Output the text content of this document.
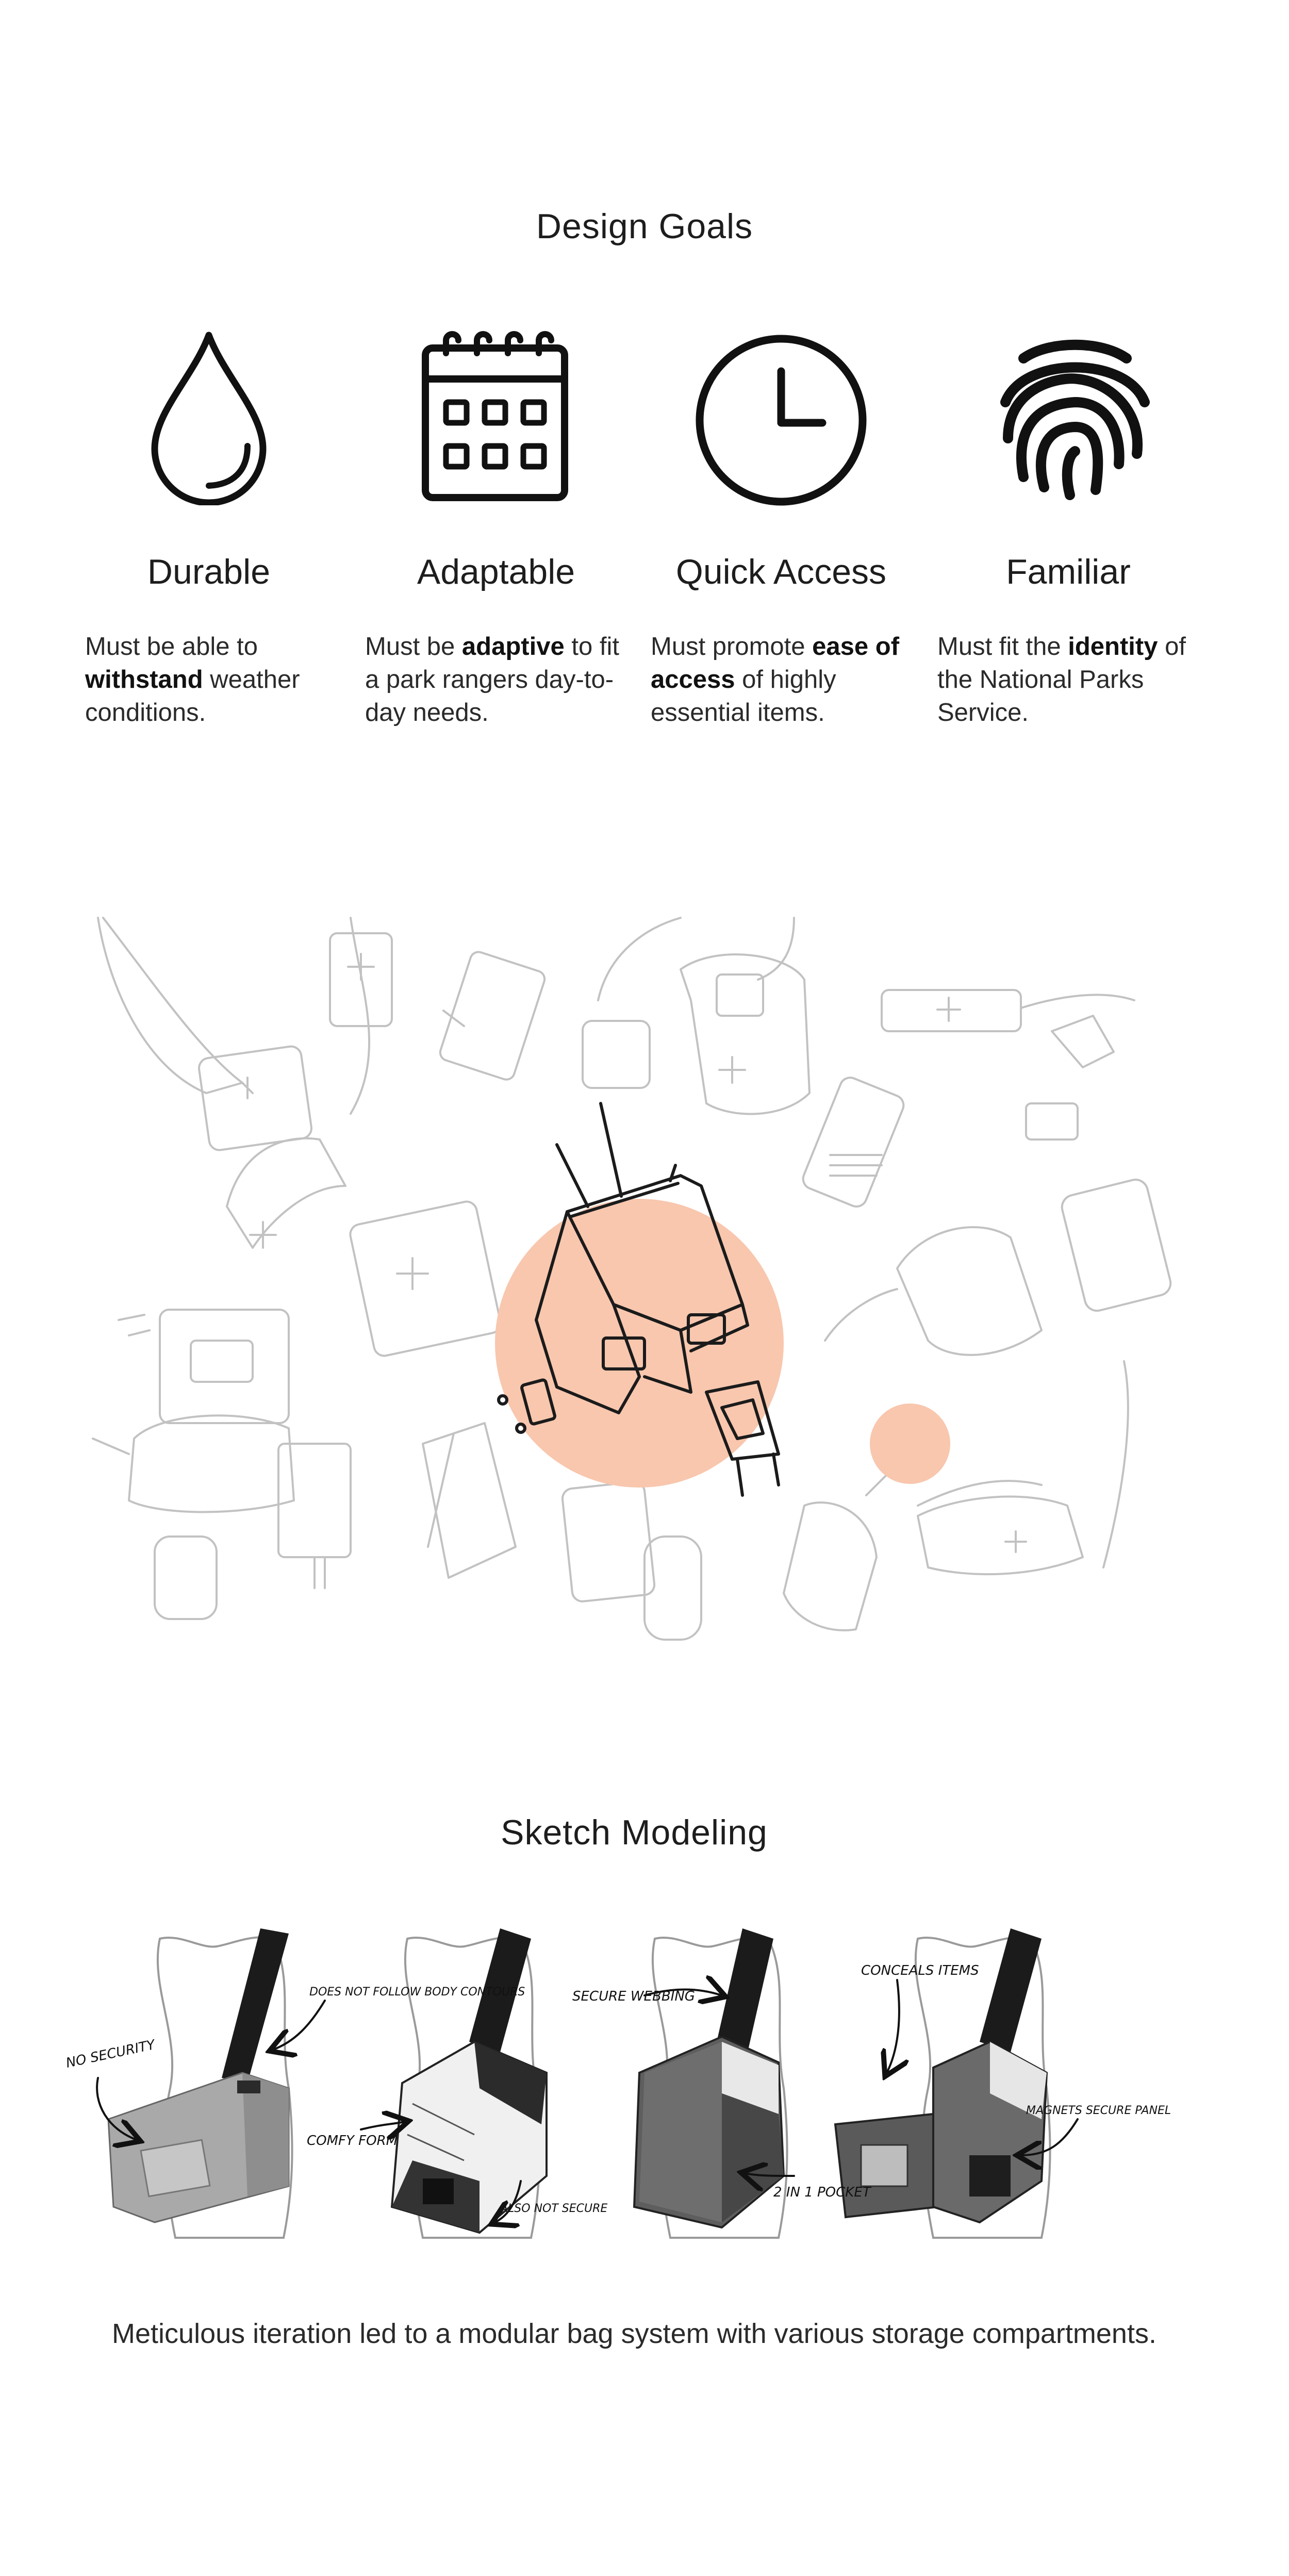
Design Goals
Durable	Adaptable	Quick Access	Familiar
Must be able to withstand weather conditions.
Must be adaptive to fit a park rangers day-to-day needs.
Must promote ease of access of highly essential items.
Must fit the identity of the National Parks Service.
Sketch Modeling
NO SECURITY
DOES NOT FOLLOW BODY CONTOURS
COMFY FORM
ALSO NOT SECURE
SECURE WEBBING
2 IN 1 POCKET
CONCEALS ITEMS
MAGNETS SECURE PANEL
Meticulous iteration led to a modular bag system with various storage compartments.
